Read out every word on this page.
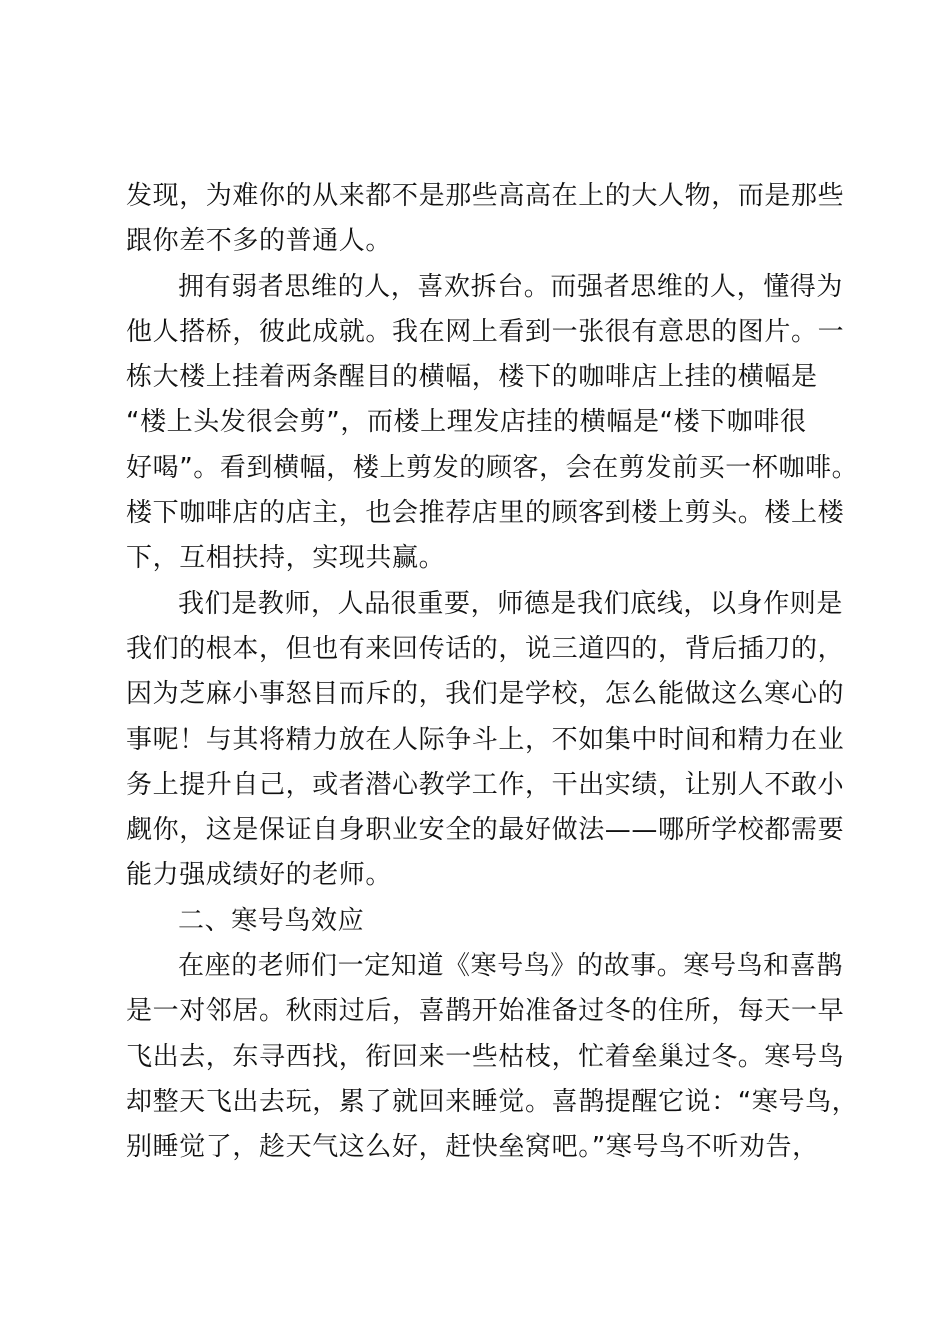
发现，为难你的从来都不是那些高高在上的大人物，而是那些
跟你差不多的普通人。
拥有弱者思维的人，喜欢拆台。而强者思维的人，懂得为
他人搭桥，彼此成就。我在网上看到一张很有意思的图片。一
栋大楼上挂着两条醒目的横幅，楼下的咖啡店上挂的横幅是
“楼上头发很会剪”，而楼上理发店挂的横幅是“楼下咖啡很
好喝”。看到横幅，楼上剪发的顾客，会在剪发前买一杯咖啡。
楼下咖啡店的店主，也会推荐店里的顾客到楼上剪头。楼上楼
下，互相扶持，实现共赢。
我们是教师，人品很重要，师德是我们底线，以身作则是
我们的根本，但也有来回传话的，说三道四的，背后插刀的，
因为芝麻小事怒目而斥的，我们是学校，怎么能做这么寒心的
事呢！与其将精力放在人际争斗上，不如集中时间和精力在业
务上提升自己，或者潜心教学工作，干出实绩，让别人不敢小
觑你，这是保证自身职业安全的最好做法——哪所学校都需要
能力强成绩好的老师。
二、寒号鸟效应
在座的老师们一定知道《寒号鸟》的故事。寒号鸟和喜鹊
是一对邻居。秋雨过后，喜鹊开始准备过冬的住所，每天一早
飞出去，东寻西找，衔回来一些枯枝，忙着垒巢过冬。寒号鸟
却整天飞出去玩，累了就回来睡觉。喜鹊提醒它说：“寒号鸟，
别睡觉了，趁天气这么好，赶快垒窝吧。”寒号鸟不听劝告，
